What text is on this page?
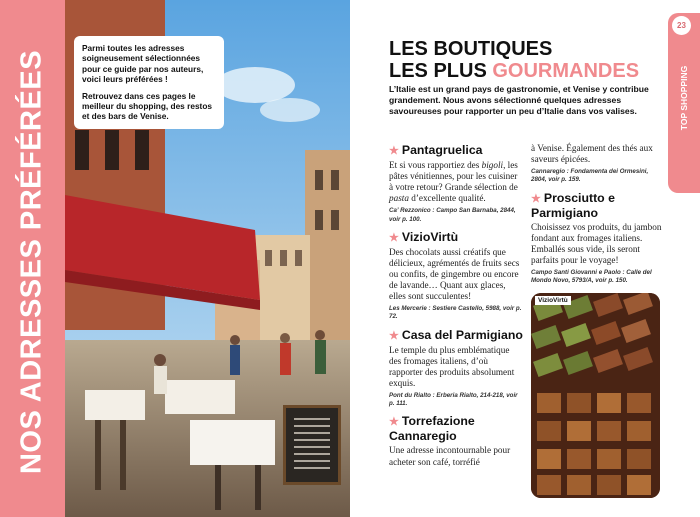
NOS ADRESSES PRÉFÉRÉES

Parmi toutes les adresses soigneusement sélectionnées pour ce guide par nos auteurs, voici leurs préférées !

Retrouvez dans ces pages le meilleur du shopping, des restos et des bars de Venise.

23
TOP SHOPPING
LES BOUTIQUES
LES PLUS GOURMANDES

L’Italie est un grand pays de gastronomie, et Venise y contribue grandement. Nous avons sélectionné quelques adresses savoureuses pour rapporter un peu d’Italie dans vos valises.

★ Pantagruelica

Et si vous rapportiez des bigoli, les pâtes vénitiennes, pour les cuisiner à votre retour? Grande sélection de pasta d’excellente qualité.

Ca’ Rezzonico : Campo San Barnaba, 2844, voir p. 100.

★ VizioVirtù

Des chocolats aussi créatifs que délicieux, agrémentés de fruits secs ou confits, de gingembre ou encore de lavande… Quant aux glaces, elles sont succulentes!

Les Mercerie : Sestiere Castello, 5988, voir p. 72.

★ Casa del Parmigiano

Le temple du plus emblématique des fromages italiens, d’où rapporter des produits absolument exquis.

Pont du Rialto : Erberia Rialto, 214-218, voir p. 111.

★ Torrefazione Cannaregio

Une adresse incontournable pour acheter son café, torréfié

à Venise. Également des thés aux saveurs épicées.

Cannaregio : Fondamenta dei Ormesini, 2804, voir p. 159.

★ Prosciutto e Parmigiano

Choisissez vos produits, du jambon fondant aux fromages italiens. Emballés sous vide, ils seront parfaits pour le voyage!

Campo Santi Giovanni e Paolo : Calle del Mondo Novo, 5793/A, voir p. 150.

VizioVirtù
